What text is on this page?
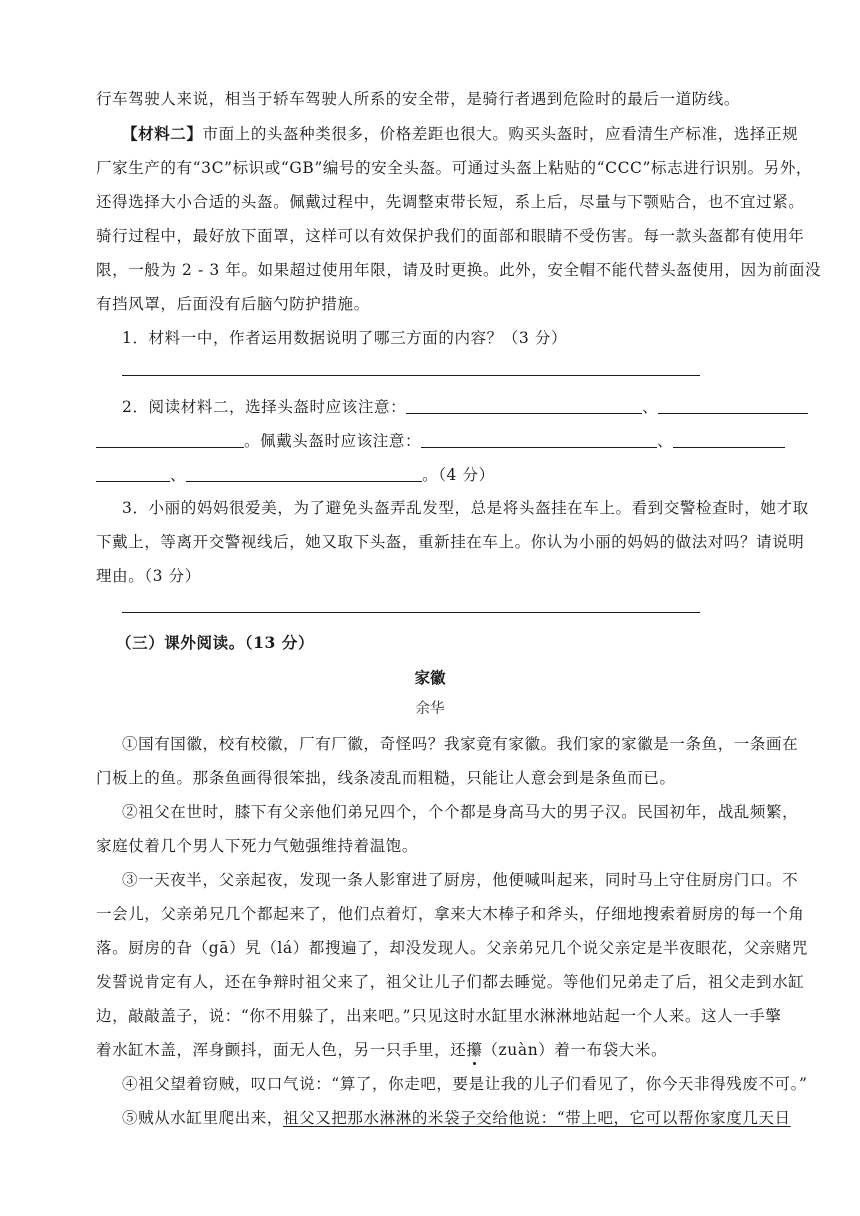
行车驾驶人来说，相当于轿车驾驶人所系的安全带，是骑行者遇到危险时的最后一道防线。
【材料二】市面上的头盔种类很多，价格差距也很大。购买头盔时，应看清生产标准，选择正规
厂家生产的有“3C”标识或“GB”编号的安全头盔。可通过头盔上粘贴的“CCC”标志进行识别。另外，
还得选择大小合适的头盔。佩戴过程中，先调整束带长短，系上后，尽量与下颚贴合，也不宜过紧。
骑行过程中，最好放下面罩，这样可以有效保护我们的面部和眼睛不受伤害。每一款头盔都有使用年
限，一般为 2 - 3 年。如果超过使用年限，请及时更换。此外，安全帽不能代替头盔使用，因为前面没
有挡风罩，后面没有后脑勺防护措施。
1．材料一中，作者运用数据说明了哪三方面的内容？（3 分）
2．阅读材料二，选择头盔时应该注意：	、
。佩戴头盔时应该注意：	、
、	。（4 分）
3．小丽的妈妈很爱美，为了避免头盔弄乱发型，总是将头盔挂在车上。看到交警检查时，她才取
下戴上，等离开交警视线后，她又取下头盔，重新挂在车上。你认为小丽的妈妈的做法对吗？请说明
理由。（3 分）
（三）课外阅读。（13 分）
家徽
余华
①国有国徽，校有校徽，厂有厂徽，奇怪吗？我家竟有家徽。我们家的家徽是一条鱼，一条画在
门板上的鱼。那条鱼画得很笨拙，线条凌乱而粗糙，只能让人意会到是条鱼而已。
②祖父在世时，膝下有父亲他们弟兄四个，个个都是身高马大的男子汉。民国初年，战乱频繁，
家庭仗着几个男人下死力气勉强维持着温饱。
③一天夜半，父亲起夜，发现一条人影窜进了厨房，他便喊叫起来，同时马上守住厨房门口。不
一会儿，父亲弟兄几个都起来了，他们点着灯，拿来大木棒子和斧头，仔细地搜索着厨房的每一个角
落。厨房的旮（gā）旯（lá）都搜遍了，却没发现人。父亲弟兄几个说父亲定是半夜眼花，父亲赌咒
发誓说肯定有人，还在争辩时祖父来了，祖父让儿子们都去睡觉。等他们兄弟走了后，祖父走到水缸
边，敲敲盖子，说：“你不用躲了，出来吧。”只见这时水缸里水淋淋地站起一个人来。这人一手擎
着水缸木盖，浑身颤抖，面无人色，另一只手里，还攥（zuàn）着一布袋大米。
④祖父望着窃贼，叹口气说：“算了，你走吧，要是让我的儿子们看见了，你今天非得残废不可。”
⑤贼从水缸里爬出来，祖父又把那水淋淋的米袋子交给他说：“带上吧，它可以帮你家度几天日
